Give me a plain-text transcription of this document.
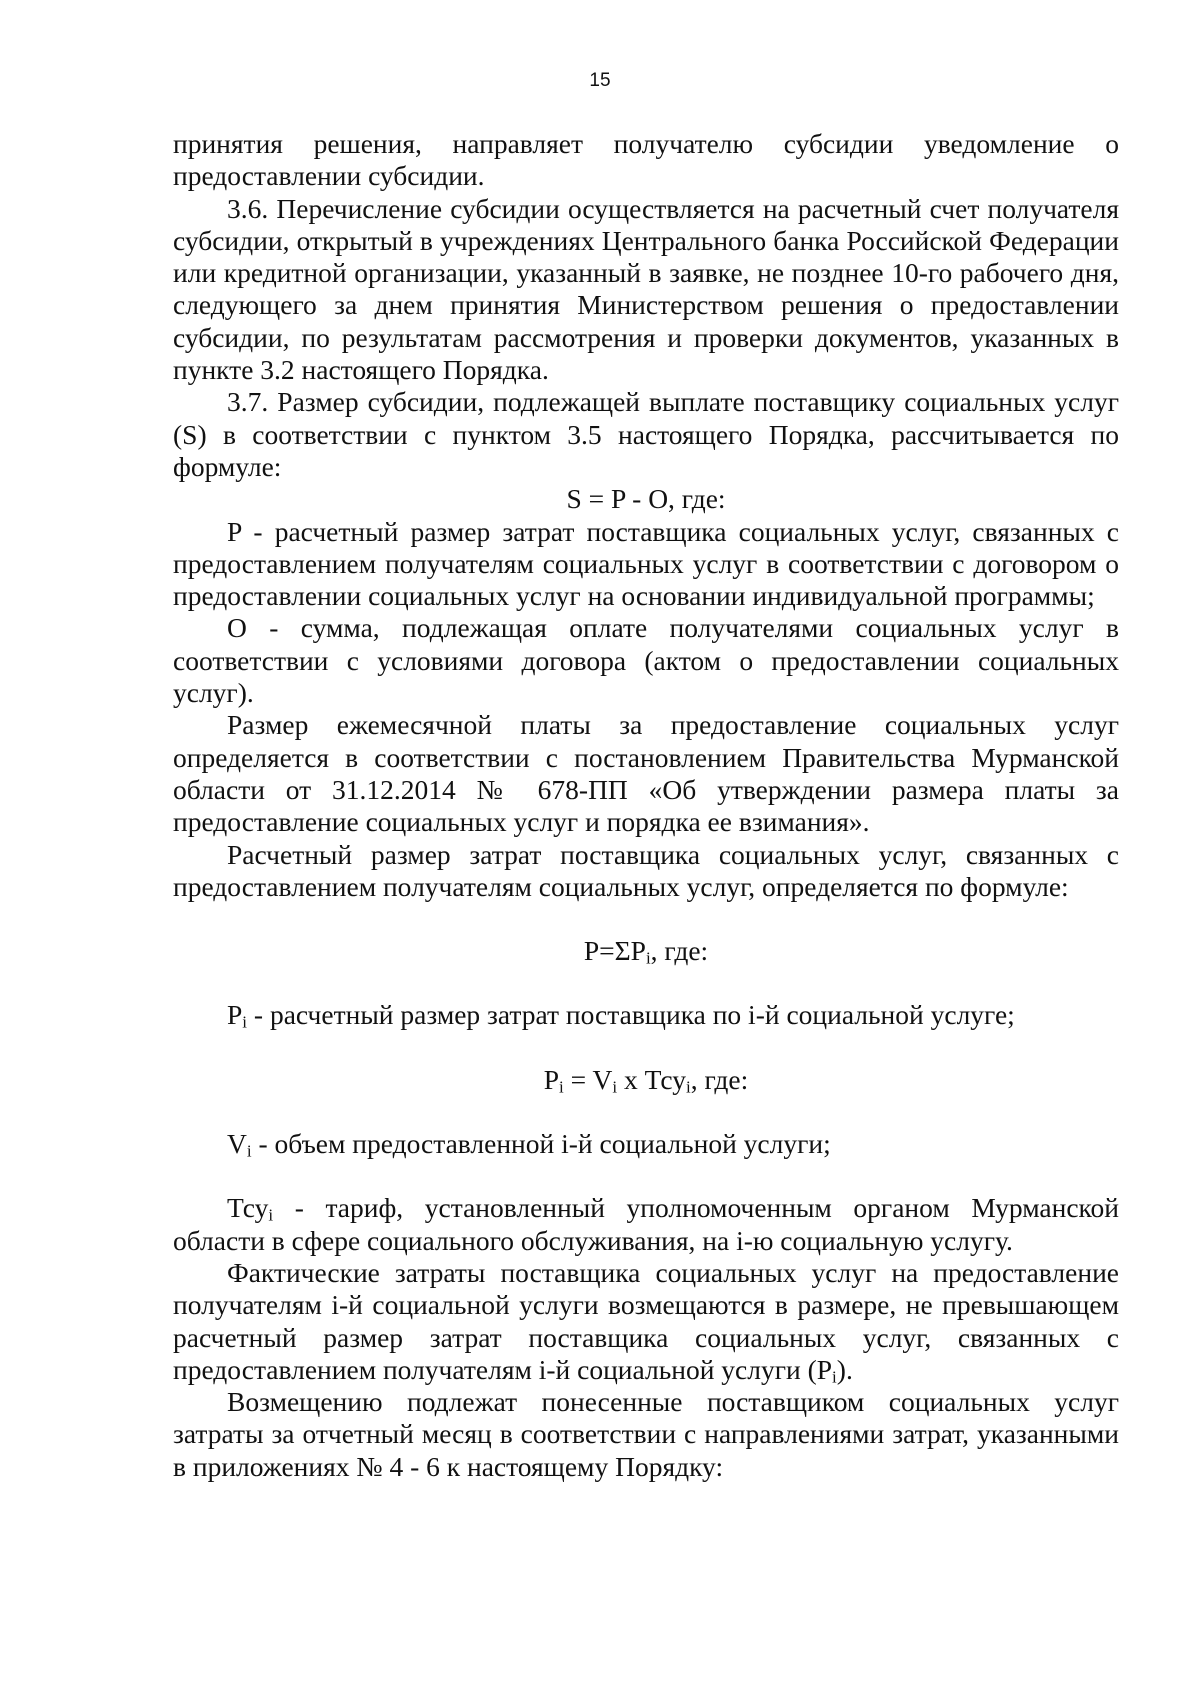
15

принятия решения, направляет получателю субсидии уведомление о предоставлении субсидии.

3.6. Перечисление субсидии осуществляется на расчетный счет получателя субсидии, открытый в учреждениях Центрального банка Российской Федерации или кредитной организации, указанный в заявке, не позднее 10-го рабочего дня, следующего за днем принятия Министерством решения о предоставлении субсидии, по результатам рассмотрения и проверки документов, указанных в пункте 3.2 настоящего Порядка.

3.7. Размер субсидии, подлежащей выплате поставщику социальных услуг (S) в соответствии с пунктом 3.5 настоящего Порядка, рассчитывается по формуле:

S = P - O, где:

P - расчетный размер затрат поставщика социальных услуг, связанных с предоставлением получателям социальных услуг в соответствии с договором о предоставлении социальных услуг на основании индивидуальной программы;

O - сумма, подлежащая оплате получателями социальных услуг в соответствии с условиями договора (актом о предоставлении социальных услуг).

Размер ежемесячной платы за предоставление социальных услуг определяется в соответствии с постановлением Правительства Мурманской области от 31.12.2014 № 678-ПП «Об утверждении размера платы за предоставление социальных услуг и порядка ее взимания».

Расчетный размер затрат поставщика социальных услуг, связанных с предоставлением получателям социальных услуг, определяется по формуле:

$P=\Sigma P_i$, где:

$P_i$ - расчетный размер затрат поставщика по i-й социальной услуге;

$P_i = V_i$ x Тсу$_i$, где:

$V_i$ - объем предоставленной i-й социальной услуги;

Тсу$_i$ - тариф, установленный уполномоченным органом Мурманской области в сфере социального обслуживания, на i-ю социальную услугу.

Фактические затраты поставщика социальных услуг на предоставление получателям i-й социальной услуги возмещаются в размере, не превышающем расчетный размер затрат поставщика социальных услуг, связанных с предоставлением получателям i-й социальной услуги $(P_i)$.

Возмещению подлежат понесенные поставщиком социальных услуг затраты за отчетный месяц в соответствии с направлениями затрат, указанными в приложениях № 4 - 6 к настоящему Порядку:
